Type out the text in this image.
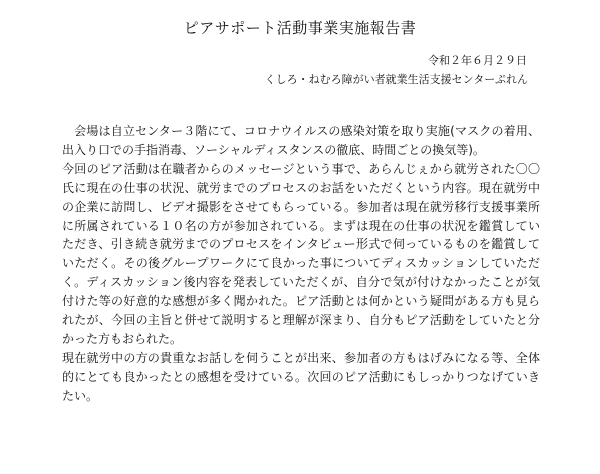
ピアサポート活動事業実施報告書
令和２年６月２９日
くしろ・ねむろ障がい者就業生活支援センターぷれん

　会場は自立センター３階にて、コロナウイルスの感染対策を取り実施(マスクの着用、出入り口での手指消毒、ソーシャルディスタンスの徹底、時間ごとの換気等)。

今回のピア活動は在職者からのメッセージという事で、あらんじぇから就労された〇〇氏に現在の仕事の状況、就労までのプロセスのお話をいただくという内容。現在就労中の企業に訪問し、ビデオ撮影をさせてもらっている。参加者は現在就労移行支援事業所に所属されている１０名の方が参加されている。まずは現在の仕事の状況を鑑賞していただき、引き続き就労までのプロセスをインタビュー形式で伺っているものを鑑賞していただく。その後グループワークにて良かった事についてディスカッションしていただく。ディスカッション後内容を発表していただくが、自分で気が付けなかったことが気付けた等の好意的な感想が多く聞かれた。ピア活動とは何かという疑問がある方も見られたが、今回の主旨と併せて説明すると理解が深まり、自分もピア活動をしていたと分かった方もおられた。

現在就労中の方の貴重なお話しを伺うことが出来、参加者の方もはげみになる等、全体的にとても良かったとの感想を受けている。次回のピア活動にもしっかりつなげていきたい。
